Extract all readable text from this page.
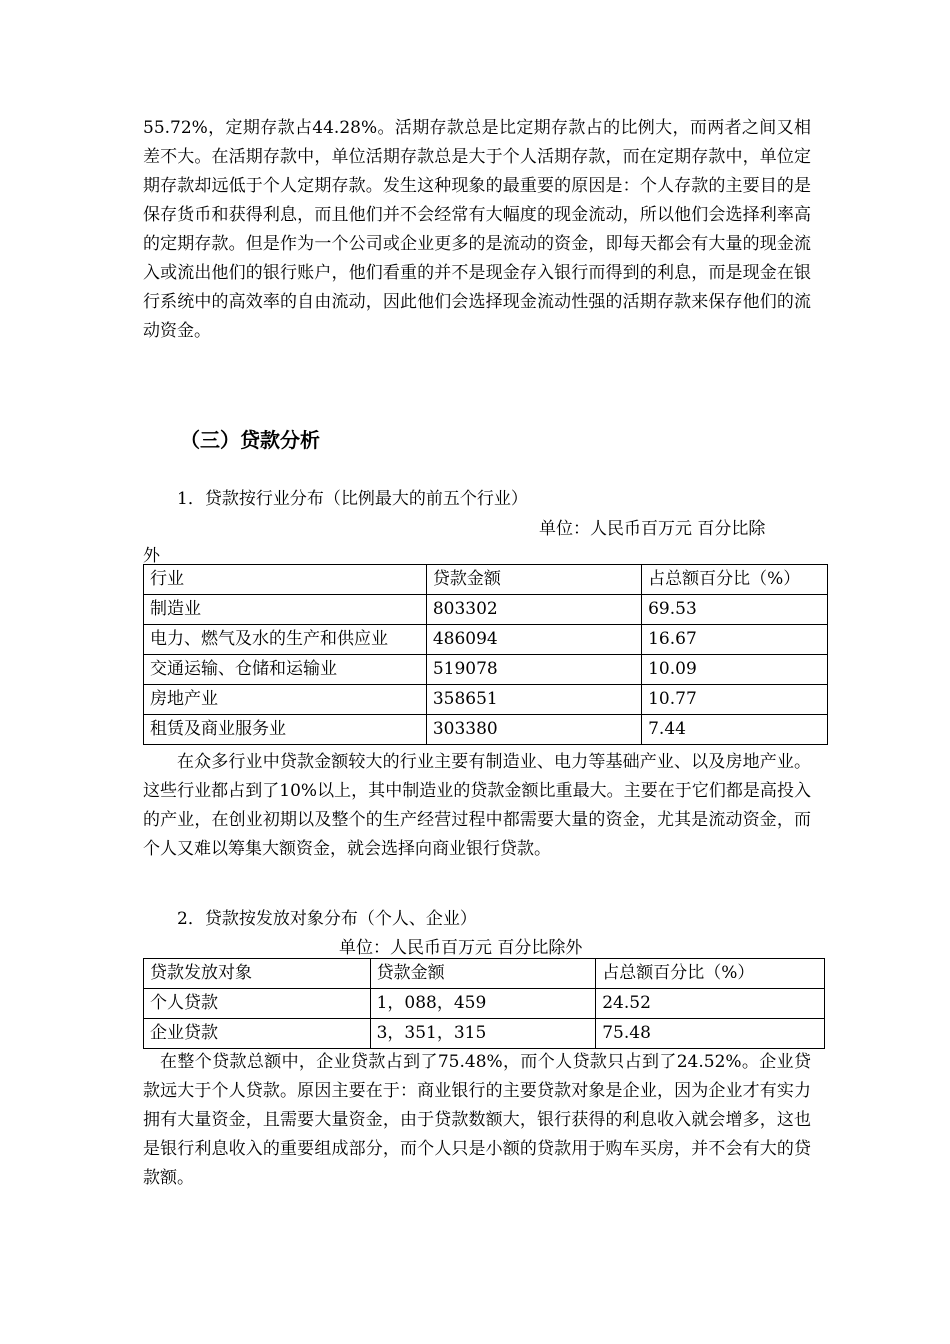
55.72%，定期存款占44.28%。活期存款总是比定期存款占的比例大，而两者之间又相差不大。在活期存款中，单位活期存款总是大于个人活期存款，而在定期存款中，单位定期存款却远低于个人定期存款。发生这种现象的最重要的原因是：个人存款的主要目的是保存货币和获得利息，而且他们并不会经常有大幅度的现金流动，所以他们会选择利率高的定期存款。但是作为一个公司或企业更多的是流动的资金，即每天都会有大量的现金流入或流出他们的银行账户，他们看重的并不是现金存入银行而得到的利息，而是现金在银行系统中的高效率的自由流动，因此他们会选择现金流动性强的活期存款来保存他们的流动资金。

（三）贷款分析
1．贷款按行业分布（比例最大的前五个行业）
单位：人民币百万元 百分比除
外
行业	贷款金额	占总额百分比（%）
制造业	803302	69.53
电力、燃气及水的生产和供应业	486094	16.67
交通运输、仓储和运输业	519078	10.09
房地产业	358651	10.77
租赁及商业服务业	303380	7.44

在众多行业中贷款金额较大的行业主要有制造业、电力等基础产业、以及房地产业。这些行业都占到了10%以上，其中制造业的贷款金额比重最大。主要在于它们都是高投入的产业，在创业初期以及整个的生产经营过程中都需要大量的资金，尤其是流动资金，而个人又难以筹集大额资金，就会选择向商业银行贷款。

2．贷款按发放对象分布（个人、企业）
单位：人民币百万元 百分比除外
贷款发放对象	贷款金额	占总额百分比（%）
个人贷款	1，088，459	24.52
企业贷款	3，351，315	75.48

在整个贷款总额中，企业贷款占到了75.48%，而个人贷款只占到了24.52%。企业贷款远大于个人贷款。原因主要在于：商业银行的主要贷款对象是企业，因为企业才有实力拥有大量资金，且需要大量资金，由于贷款数额大，银行获得的利息收入就会增多，这也是银行利息收入的重要组成部分，而个人只是小额的贷款用于购车买房，并不会有大的贷款额。
